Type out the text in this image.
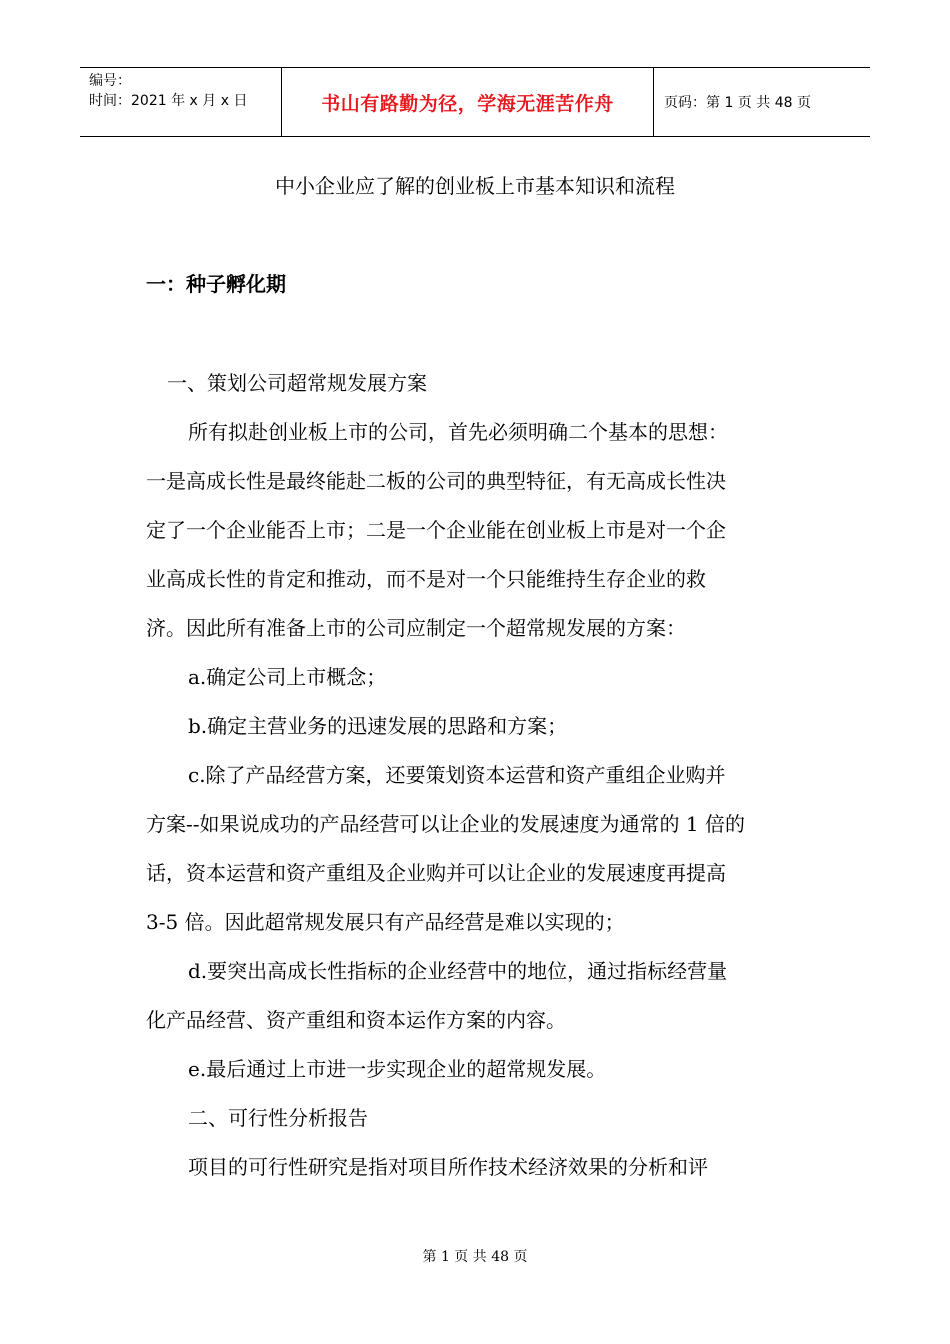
编号：
时间：2021 年 x 月 x 日	书山有路勤为径，学海无涯苦作舟	页码：第 1 页 共 48 页
中小企业应了解的创业板上市基本知识和流程
一：种子孵化期
一、策划公司超常规发展方案
所有拟赴创业板上市的公司，首先必须明确二个基本的思想：
一是高成长性是最终能赴二板的公司的典型特征，有无高成长性决
定了一个企业能否上市；二是一个企业能在创业板上市是对一个企
业高成长性的肯定和推动，而不是对一个只能维持生存企业的救
济。因此所有准备上市的公司应制定一个超常规发展的方案：
a.确定公司上市概念；
b.确定主营业务的迅速发展的思路和方案；
c.除了产品经营方案，还要策划资本运营和资产重组企业购并
方案--如果说成功的产品经营可以让企业的发展速度为通常的 1 倍的
话，资本运营和资产重组及企业购并可以让企业的发展速度再提高
3-5 倍。因此超常规发展只有产品经营是难以实现的；
d.要突出高成长性指标的企业经营中的地位，通过指标经营量
化产品经营、资产重组和资本运作方案的内容。
e.最后通过上市进一步实现企业的超常规发展。
二、可行性分析报告
项目的可行性研究是指对项目所作技术经济效果的分析和评
第 1 页 共 48 页
